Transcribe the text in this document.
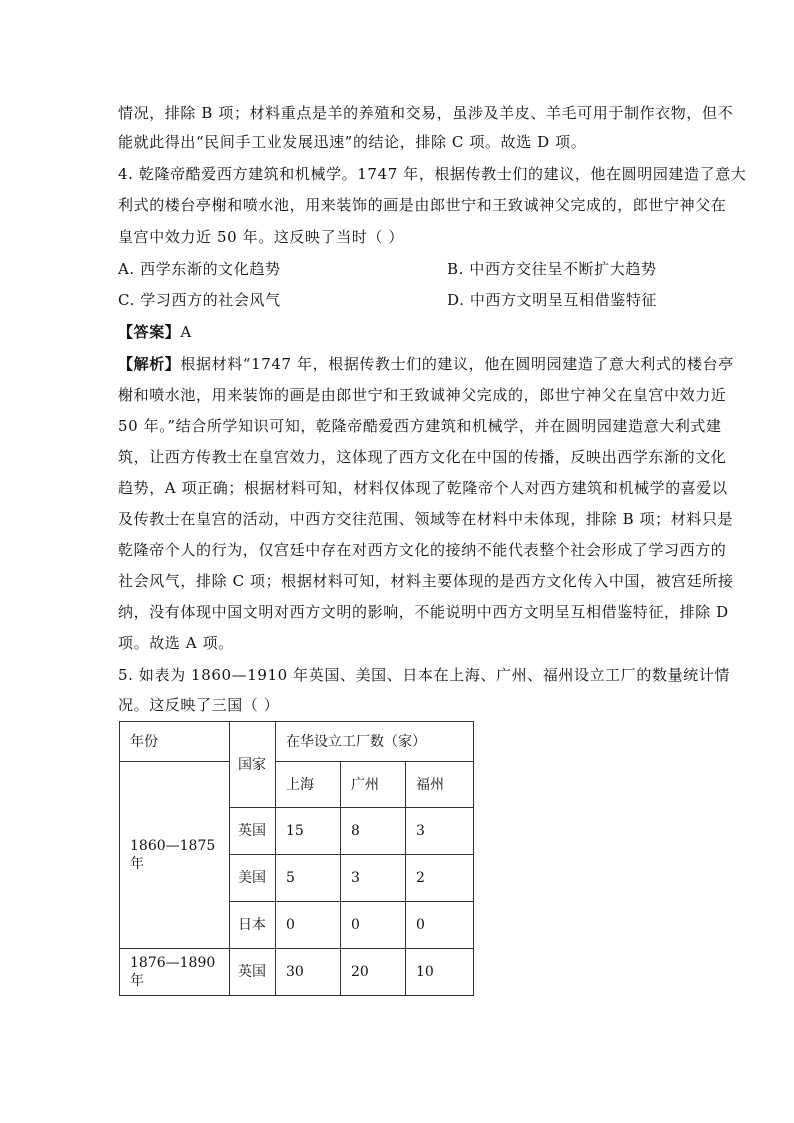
情况，排除 B 项；材料重点是羊的养殖和交易，虽涉及羊皮、羊毛可用于制作衣物，但不
能就此得出“民间手工业发展迅速”的结论，排除 C 项。故选 D 项。
4. 乾隆帝酷爱西方建筑和机械学。1747 年，根据传教士们的建议，他在圆明园建造了意大
利式的楼台亭榭和喷水池，用来装饰的画是由郎世宁和王致诚神父完成的，郎世宁神父在
皇宫中效力近 50 年。这反映了当时（ ）
A. 西学东渐的文化趋势	B. 中西方交往呈不断扩大趋势
C. 学习西方的社会风气	D. 中西方文明呈互相借鉴特征
【答案】A
【解析】根据材料“1747 年，根据传教士们的建议，他在圆明园建造了意大利式的楼台亭
榭和喷水池，用来装饰的画是由郎世宁和王致诚神父完成的，郎世宁神父在皇宫中效力近
50 年。”结合所学知识可知，乾隆帝酷爱西方建筑和机械学，并在圆明园建造意大利式建
筑，让西方传教士在皇宫效力，这体现了西方文化在中国的传播，反映出西学东渐的文化
趋势，A 项正确；根据材料可知，材料仅体现了乾隆帝个人对西方建筑和机械学的喜爱以
及传教士在皇宫的活动，中西方交往范围、领域等在材料中未体现，排除 B 项；材料只是
乾隆帝个人的行为，仅宫廷中存在对西方文化的接纳不能代表整个社会形成了学习西方的
社会风气，排除 C 项；根据材料可知，材料主要体现的是西方文化传入中国，被宫廷所接
纳，没有体现中国文明对西方文明的影响，不能说明中西方文明呈互相借鉴特征，排除 D
项。故选 A 项。
5. 如表为 1860—1910 年英国、美国、日本在上海、广州、福州设立工厂的数量统计情
况。这反映了三国（ ）
年份	国家	在华设立工厂数（家）		
1860—1875 年		上海	广州	福州
	英国	15	8	3
	美国	5	3	2
	日本	0	0	0
1876—1890 年	英国	30	20	10
